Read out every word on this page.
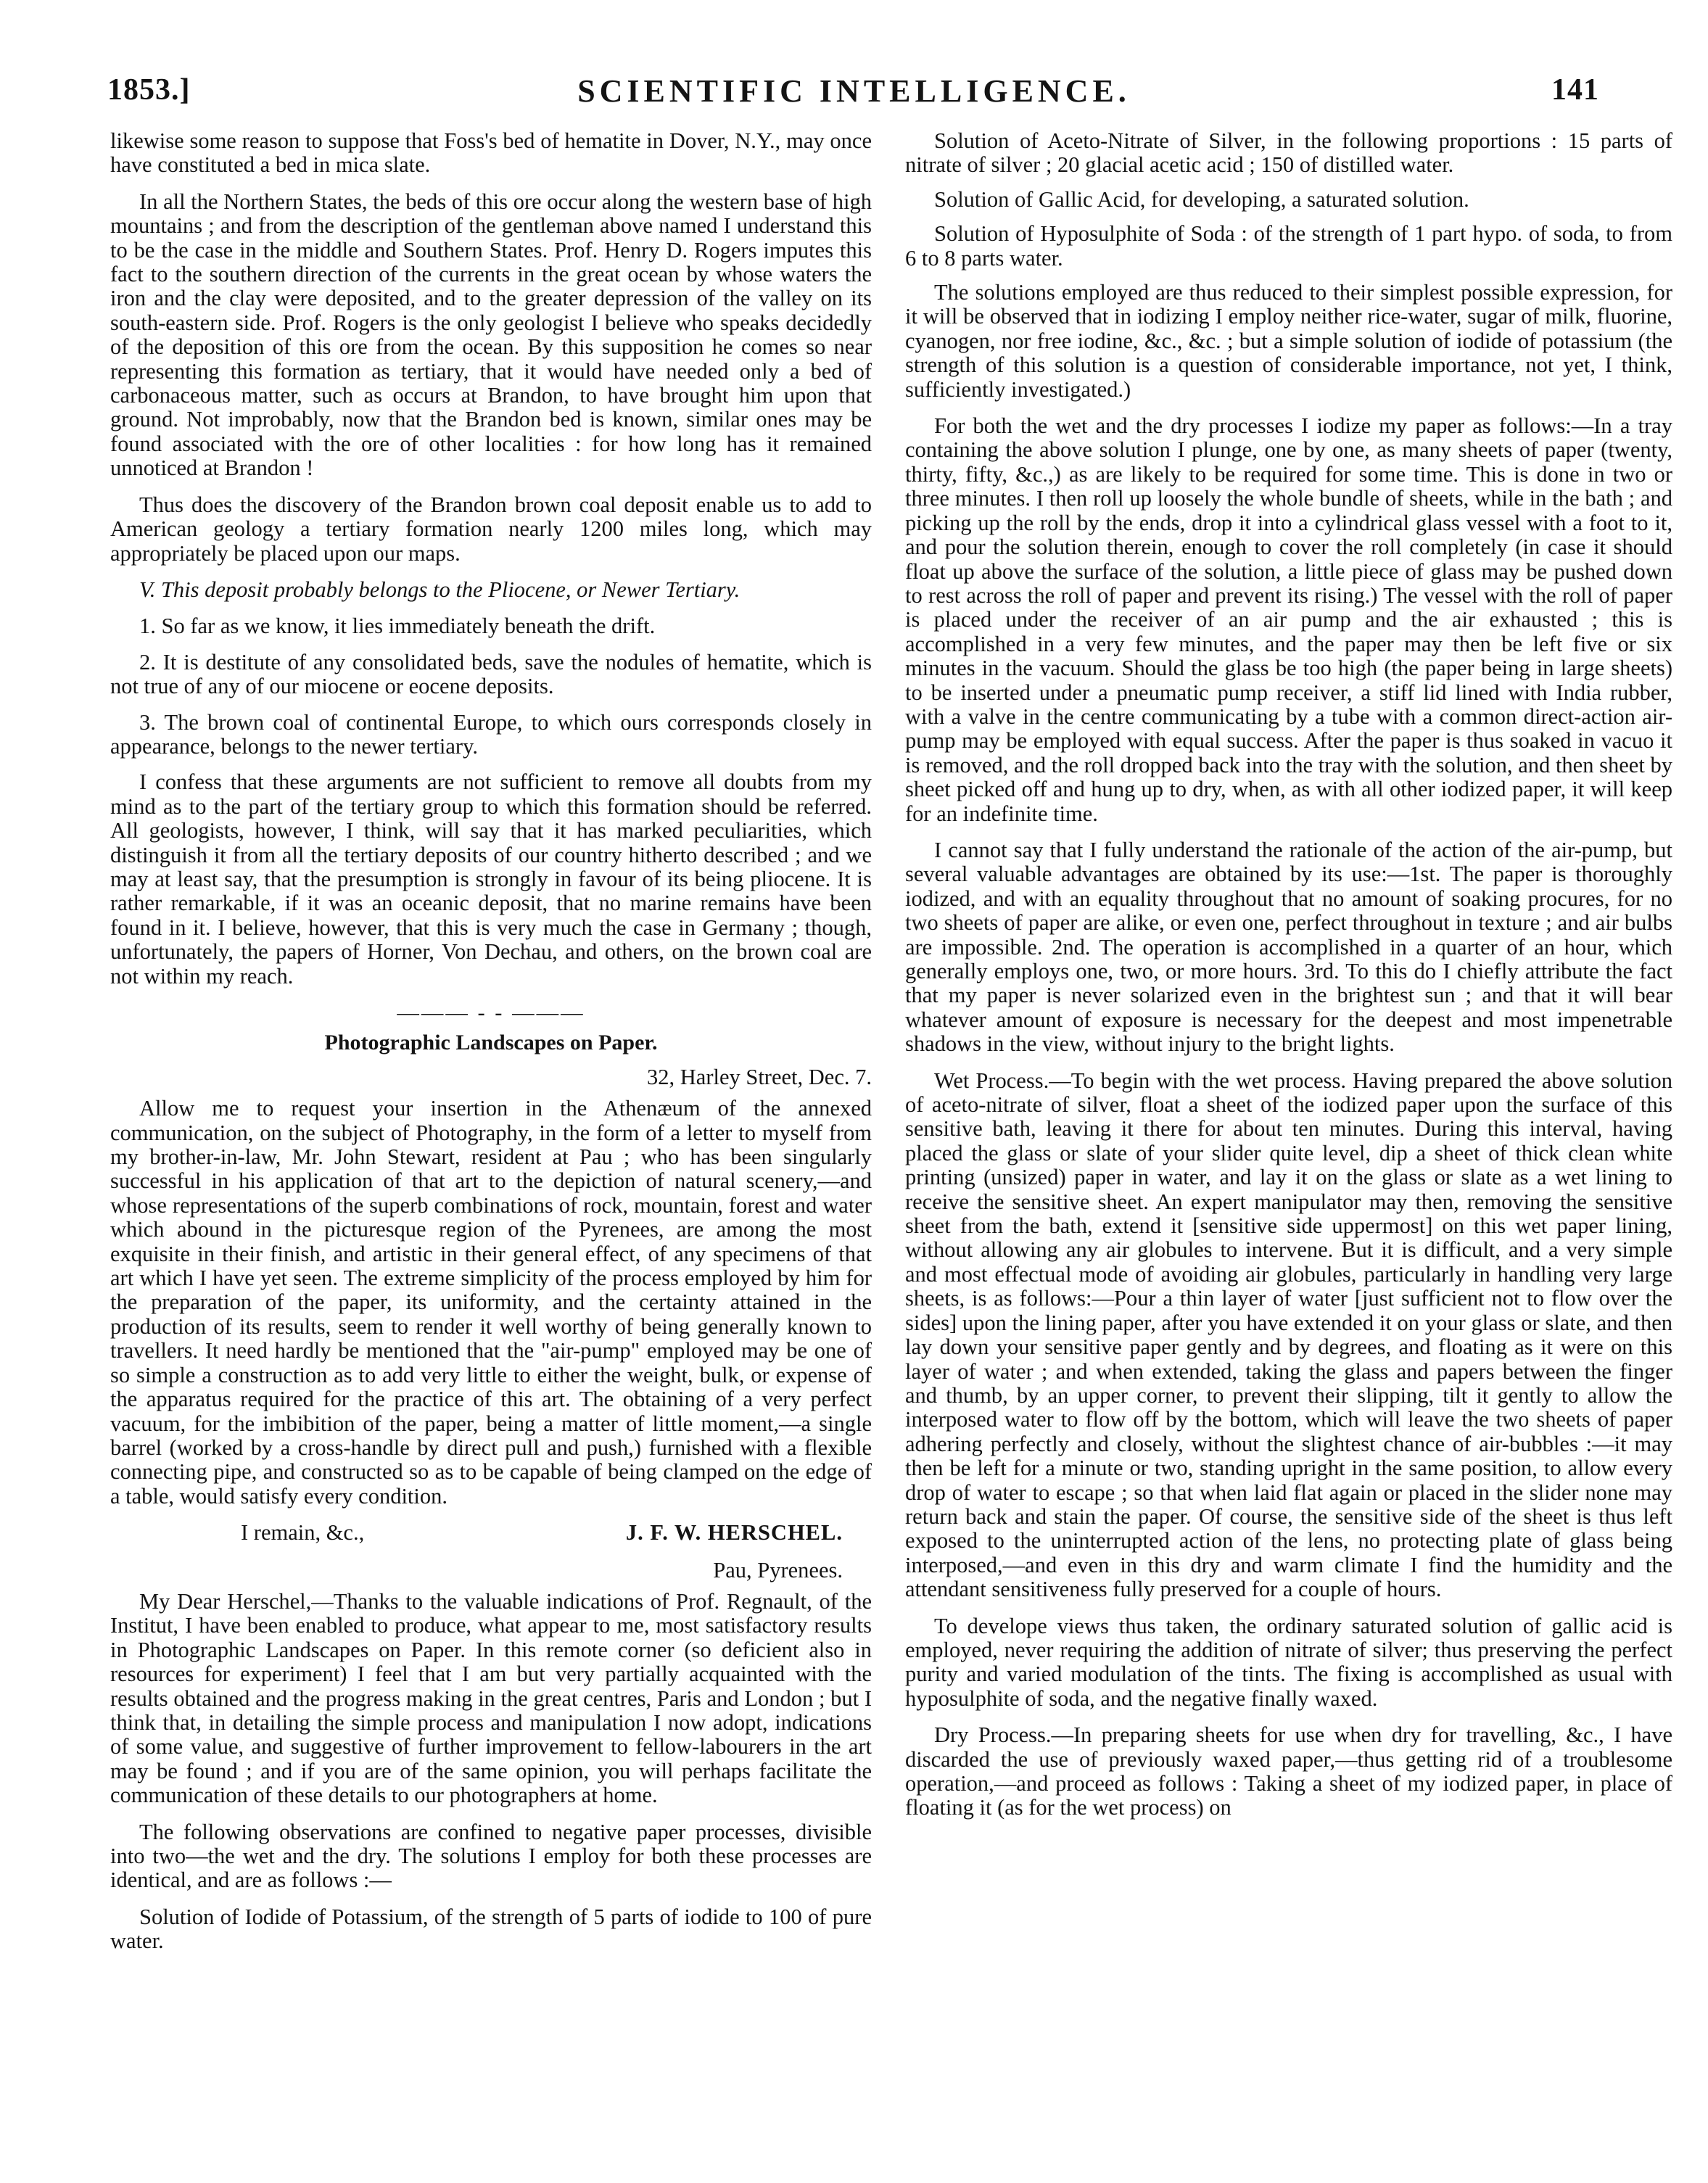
SCIENTIFIC INTELLIGENCE.
1853.]	141

likewise some reason to suppose that Foss's bed of hematite in Dover, N.Y., may once have constituted a bed in mica slate.

In all the Northern States, the beds of this ore occur along the western base of high mountains ; and from the description of the gentleman above named I understand this to be the case in the middle and Southern States. Prof. Henry D. Rogers imputes this fact to the southern direction of the currents in the great ocean by whose waters the iron and the clay were deposited, and to the greater depression of the valley on its south-eastern side. Prof. Rogers is the only geologist I believe who speaks decidedly of the deposition of this ore from the ocean. By this supposition he comes so near representing this formation as tertiary, that it would have needed only a bed of carbonaceous matter, such as occurs at Brandon, to have brought him upon that ground. Not improbably, now that the Brandon bed is known, similar ones may be found associated with the ore of other localities : for how long has it remained unnoticed at Brandon !

Thus does the discovery of the Brandon brown coal deposit enable us to add to American geology a tertiary formation nearly 1200 miles long, which may appropriately be placed upon our maps.

V. This deposit probably belongs to the Pliocene, or Newer Tertiary.

1. So far as we know, it lies immediately beneath the drift.
2. It is destitute of any consolidated beds, save the nodules of hematite, which is not true of any of our miocene or eocene deposits.
3. The brown coal of continental Europe, to which ours corresponds closely in appearance, belongs to the newer tertiary.

I confess that these arguments are not sufficient to remove all doubts from my mind as to the part of the tertiary group to which this formation should be referred. All geologists, however, I think, will say that it has marked peculiarities, which distinguish it from all the tertiary deposits of our country hitherto described ; and we may at least say, that the presumption is strongly in favour of its being pliocene. It is rather remarkable, if it was an oceanic deposit, that no marine remains have been found in it. I believe, however, that this is very much the case in Germany ; though, unfortunately, the papers of Horner, Von Dechau, and others, on the brown coal are not within my reach.

——— - - ———
Photographic Landscapes on Paper.
32, Harley Street, Dec. 7.

Allow me to request your insertion in the Athenæum of the annexed communication, on the subject of Photography, in the form of a letter to myself from my brother-in-law, Mr. John Stewart, resident at Pau ; who has been singularly successful in his application of that art to the depiction of natural scenery,—and whose representations of the superb combinations of rock, mountain, forest and water which abound in the picturesque region of the Pyrenees, are among the most exquisite in their finish, and artistic in their general effect, of any specimens of that art which I have yet seen. The extreme simplicity of the process employed by him for the preparation of the paper, its uniformity, and the certainty attained in the production of its results, seem to render it well worthy of being generally known to travellers. It need hardly be mentioned that the "air-pump" employed may be one of so simple a construction as to add very little to either the weight, bulk, or expense of the apparatus required for the practice of this art. The obtaining of a very perfect vacuum, for the imbibition of the paper, being a matter of little moment,—a single barrel (worked by a cross-handle by direct pull and push,) furnished with a flexible connecting pipe, and constructed so as to be capable of being clamped on the edge of a table, would satisfy every condition.

I remain, &c.,	J. F. W. HERSCHEL.
Pau, Pyrenees.

My Dear Herschel,—Thanks to the valuable indications of Prof. Regnault, of the Institut, I have been enabled to produce, what appear to me, most satisfactory results in Photographic Landscapes on Paper. In this remote corner (so deficient also in resources for experiment) I feel that I am but very partially acquainted with the results obtained and the progress making in the great centres, Paris and London ; but I think that, in detailing the simple process and manipulation I now adopt, indications of some value, and suggestive of further improvement to fellow-labourers in the art may be found ; and if you are of the same opinion, you will perhaps facilitate the communication of these details to our photographers at home.

The following observations are confined to negative paper processes, divisible into two—the wet and the dry. The solutions I employ for both these processes are identical, and are as follows :—

Solution of Iodide of Potassium, of the strength of 5 parts of iodide to 100 of pure water.

Solution of Aceto-Nitrate of Silver, in the following proportions : 15 parts of nitrate of silver ; 20 glacial acetic acid ; 150 of distilled water.
Solution of Gallic Acid, for developing, a saturated solution.
Solution of Hyposulphite of Soda : of the strength of 1 part hypo. of soda, to from 6 to 8 parts water.

The solutions employed are thus reduced to their simplest possible expression, for it will be observed that in iodizing I employ neither rice-water, sugar of milk, fluorine, cyanogen, nor free iodine, &c., &c. ; but a simple solution of iodide of potassium (the strength of this solution is a question of considerable importance, not yet, I think, sufficiently investigated.)

For both the wet and the dry processes I iodize my paper as follows:—In a tray containing the above solution I plunge, one by one, as many sheets of paper (twenty, thirty, fifty, &c.,) as are likely to be required for some time. This is done in two or three minutes. I then roll up loosely the whole bundle of sheets, while in the bath ; and picking up the roll by the ends, drop it into a cylindrical glass vessel with a foot to it, and pour the solution therein, enough to cover the roll completely (in case it should float up above the surface of the solution, a little piece of glass may be pushed down to rest across the roll of paper and prevent its rising.) The vessel with the roll of paper is placed under the receiver of an air pump and the air exhausted ; this is accomplished in a very few minutes, and the paper may then be left five or six minutes in the vacuum. Should the glass be too high (the paper being in large sheets) to be inserted under a pneumatic pump receiver, a stiff lid lined with India rubber, with a valve in the centre communicating by a tube with a common direct-action air-pump may be employed with equal success. After the paper is thus soaked in vacuo it is removed, and the roll dropped back into the tray with the solution, and then sheet by sheet picked off and hung up to dry, when, as with all other iodized paper, it will keep for an indefinite time.

I cannot say that I fully understand the rationale of the action of the air-pump, but several valuable advantages are obtained by its use:—1st. The paper is thoroughly iodized, and with an equality throughout that no amount of soaking procures, for no two sheets of paper are alike, or even one, perfect throughout in texture ; and air bulbs are impossible. 2nd. The operation is accomplished in a quarter of an hour, which generally employs one, two, or more hours. 3rd. To this do I chiefly attribute the fact that my paper is never solarized even in the brightest sun ; and that it will bear whatever amount of exposure is necessary for the deepest and most impenetrable shadows in the view, without injury to the bright lights.

Wet Process.—To begin with the wet process. Having prepared the above solution of aceto-nitrate of silver, float a sheet of the iodized paper upon the surface of this sensitive bath, leaving it there for about ten minutes. During this interval, having placed the glass or slate of your slider quite level, dip a sheet of thick clean white printing (unsized) paper in water, and lay it on the glass or slate as a wet lining to receive the sensitive sheet. An expert manipulator may then, removing the sensitive sheet from the bath, extend it [sensitive side uppermost] on this wet paper lining, without allowing any air globules to intervene. But it is difficult, and a very simple and most effectual mode of avoiding air globules, particularly in handling very large sheets, is as follows:—Pour a thin layer of water [just sufficient not to flow over the sides] upon the lining paper, after you have extended it on your glass or slate, and then lay down your sensitive paper gently and by degrees, and floating as it were on this layer of water ; and when extended, taking the glass and papers between the finger and thumb, by an upper corner, to prevent their slipping, tilt it gently to allow the interposed water to flow off by the bottom, which will leave the two sheets of paper adhering perfectly and closely, without the slightest chance of air-bubbles :—it may then be left for a minute or two, standing upright in the same position, to allow every drop of water to escape ; so that when laid flat again or placed in the slider none may return back and stain the paper. Of course, the sensitive side of the sheet is thus left exposed to the uninterrupted action of the lens, no protecting plate of glass being interposed,—and even in this dry and warm climate I find the humidity and the attendant sensitiveness fully preserved for a couple of hours.

To develope views thus taken, the ordinary saturated solution of gallic acid is employed, never requiring the addition of nitrate of silver; thus preserving the perfect purity and varied modulation of the tints. The fixing is accomplished as usual with hyposulphite of soda, and the negative finally waxed.

Dry Process.—In preparing sheets for use when dry for travelling, &c., I have discarded the use of previously waxed paper,—thus getting rid of a troublesome operation,—and proceed as follows : Taking a sheet of my iodized paper, in place of floating it (as for the wet process) on
